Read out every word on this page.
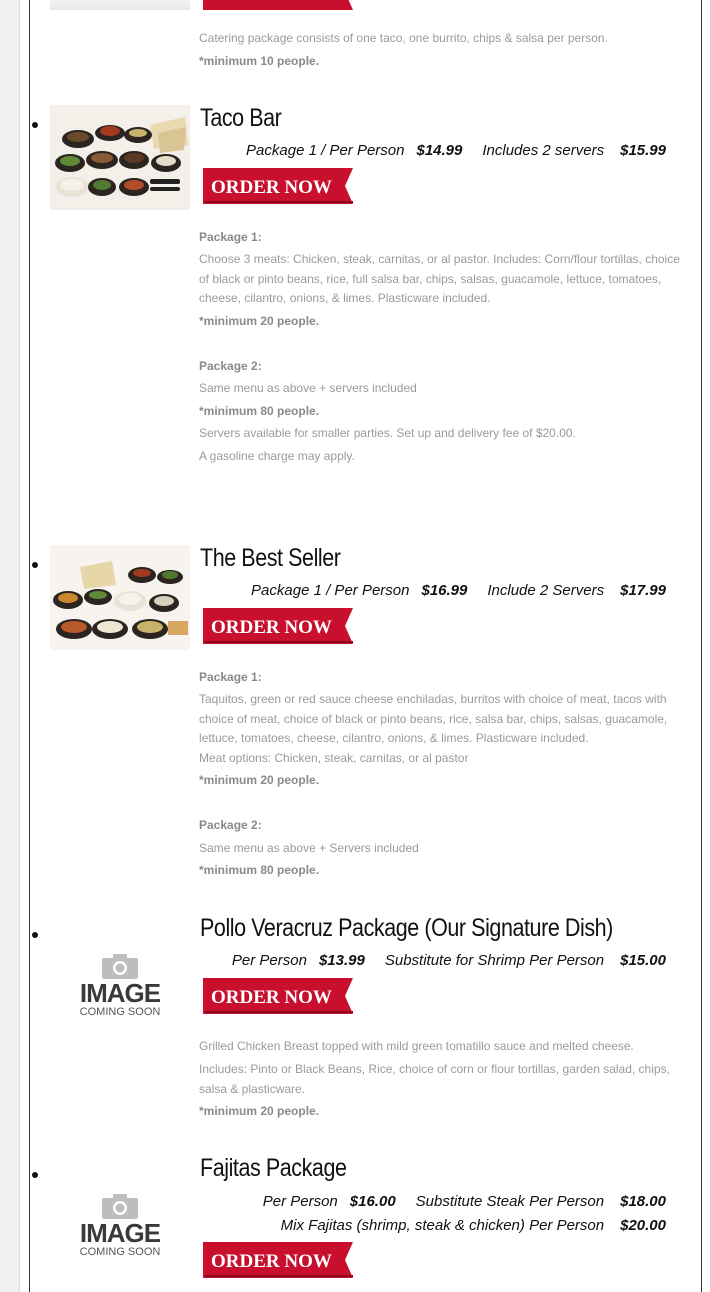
Catering package consists of one taco, one burrito, chips & salsa per person.
*minimum 10 people.
Taco Bar
Package 1 / Per Person $14.99 Includes 2 servers $15.99
ORDER NOW
Package 1:
Choose 3 meats: Chicken, steak, carnitas, or al pastor. Includes: Corn/flour tortillas, choice of black or pinto beans, rice, full salsa bar, chips, salsas, guacamole, lettuce, tomatoes, cheese, cilantro, onions, & limes. Plasticware included.
*minimum 20 people.
Package 2:
Same menu as above + servers included
*minimum 80 people.
Servers available for smaller parties. Set up and delivery fee of $20.00.
A gasoline charge may apply.
The Best Seller
Package 1 / Per Person $16.99 Include 2 Servers $17.99
ORDER NOW
Package 1:
Taquitos, green or red sauce cheese enchiladas, burritos with choice of meat, tacos with choice of meat, choice of black or pinto beans, rice, salsa bar, chips, salsas, guacamole, lettuce, tomatoes, cheese, cilantro, onions, & limes. Plasticware included.
Meat options: Chicken, steak, carnitas, or al pastor
*minimum 20 people.
Package 2:
Same menu as above + Servers included
*minimum 80 people.
IMAGE
COMING SOON
Pollo Veracruz Package (Our Signature Dish)
Per Person $13.99 Substitute for Shrimp Per Person $15.00
ORDER NOW
Grilled Chicken Breast topped with mild green tomatillo sauce and melted cheese.
Includes: Pinto or Black Beans, Rice, choice of corn or flour tortillas, garden salad, chips, salsa & plasticware.
*minimum 20 people.
IMAGE
COMING SOON
Fajitas Package
Per Person $16.00 Substitute Steak Per Person $18.00
Mix Fajitas (shrimp, steak & chicken) Per Person $20.00
ORDER NOW
